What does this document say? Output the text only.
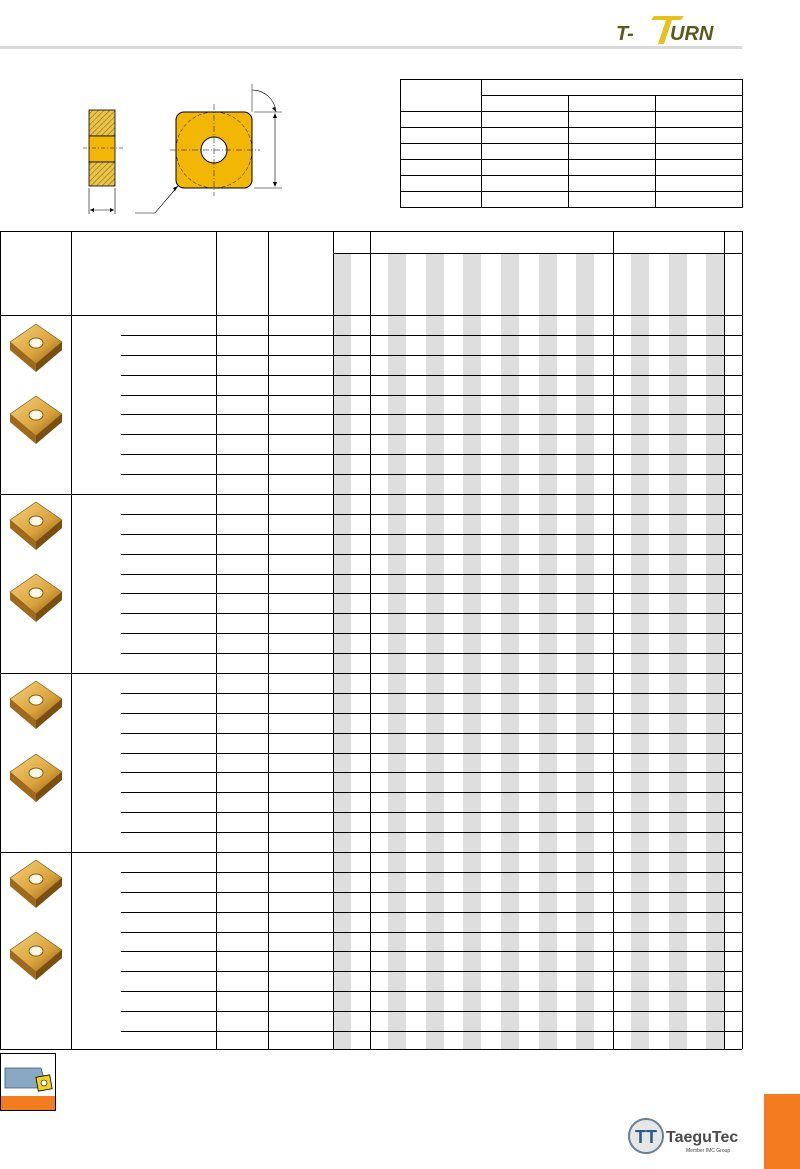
T- URN

TT TaeguTec
Member IMC Group
